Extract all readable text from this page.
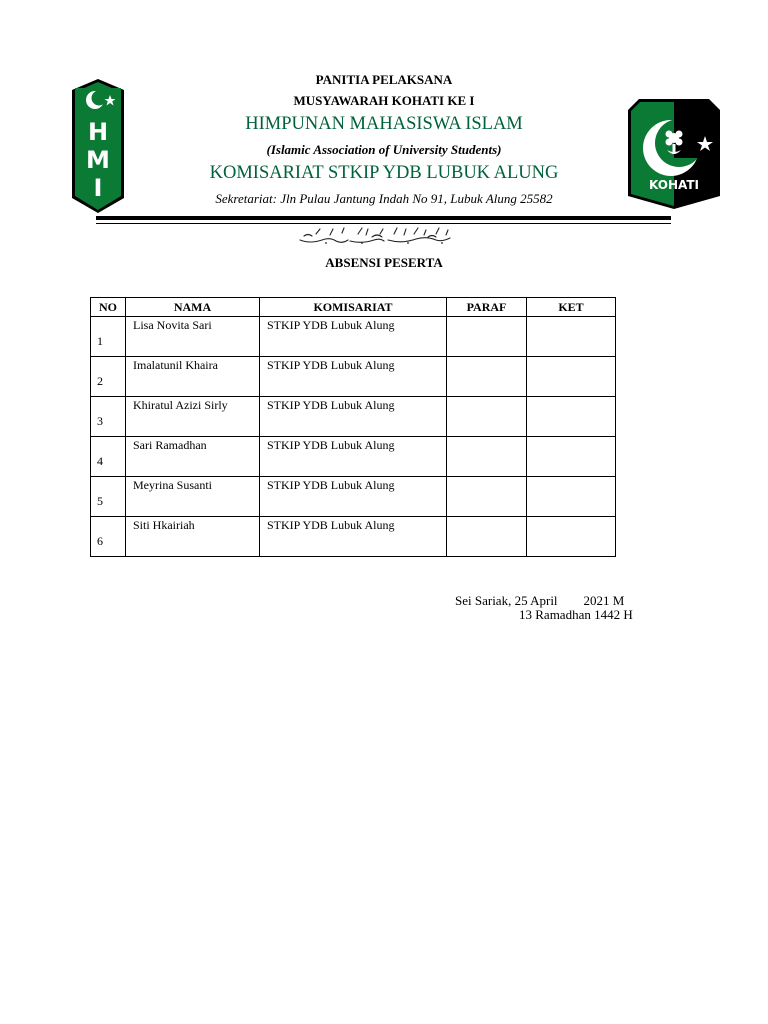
H
M
I	KOHATI
PANITIA PELAKSANA
MUSYAWARAH KOHATI KE I
HIMPUNAN MAHASISWA ISLAM
(Islamic Association of University Students)
KOMISARIAT STKIP YDB LUBUK ALUNG
Sekretariat: Jln Pulau Jantung Indah No 91, Lubuk Alung 25582
ABSENSI PESERTA
NO	NAMA	KOMISARIAT	PARAF	KET
1	Lisa Novita Sari	STKIP YDB Lubuk Alung		
2	Imalatunil Khaira	STKIP YDB Lubuk Alung		
3	Khiratul Azizi Sirly	STKIP YDB Lubuk Alung		
4	Sari Ramadhan	STKIP YDB Lubuk Alung		
5	Meyrina Susanti	STKIP YDB Lubuk Alung		
6	Siti Hkairiah	STKIP YDB Lubuk Alung		
Sei Sariak, 25 April        2021 M
13 Ramadhan 1442 H
